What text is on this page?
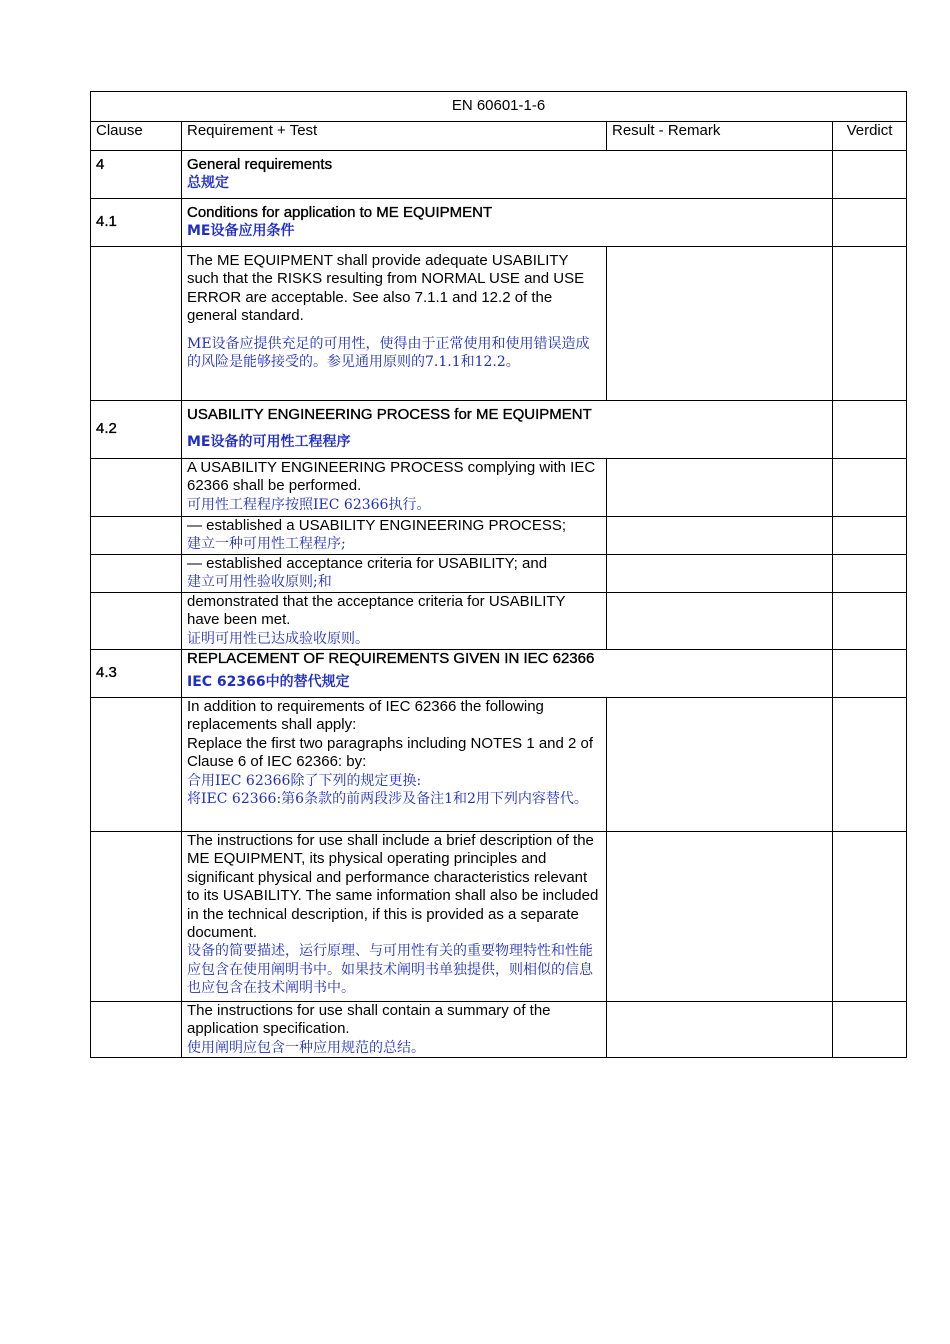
EN 60601-1-6			
Clause	Requirement + Test	Result - Remark	Verdict
4	General requirements
总规定		

4.1	Conditions for application to ME EQUIPMENT
ME设备应用条件		

	The ME EQUIPMENT shall provide adequate USABILITY such that the RISKS resulting from NORMAL USE and USE ERROR are acceptable. See also 7.1.1 and 12.2 of the general standard.
ME设备应提供充足的可用性，使得由于正常使用和使用错误造成的风险是能够接受的。参见通用原则的7.1.1和12.2。		

4.2	USABILITY ENGINEERING PROCESS for ME EQUIPMENT
ME设备的可用性工程程序		

	A USABILITY ENGINEERING PROCESS complying with IEC 62366 shall be performed.
可用性工程程序按照IEC 62366执行。		

	— established a USABILITY ENGINEERING PROCESS;
建立一种可用性工程程序;		

	— established acceptance criteria for USABILITY; and
建立可用性验收原则;和		

	demonstrated that the acceptance criteria for USABILITY have been met.
证明可用性已达成验收原则。		

4.3	REPLACEMENT OF REQUIREMENTS GIVEN IN IEC 62366
IEC 62366中的替代规定		

	In addition to requirements of IEC 62366 the following replacements shall apply:
Replace the first two paragraphs including NOTES 1 and 2 of Clause 6 of IEC 62366: by:
合用IEC 62366除了下列的规定更换:
将IEC 62366:第6条款的前两段涉及备注1和2用下列内容替代。		

	The instructions for use shall include a brief description of the ME EQUIPMENT, its physical operating principles and significant physical and performance characteristics relevant to its USABILITY. The same information shall also be included in the technical description, if this is provided as a separate document.
设备的简要描述，运行原理、与可用性有关的重要物理特性和性能应包含在使用阐明书中。如果技术阐明书单独提供，则相似的信息也应包含在技术阐明书中。		

	The instructions for use shall contain a summary of the application specification.
使用阐明应包含一种应用规范的总结。		
